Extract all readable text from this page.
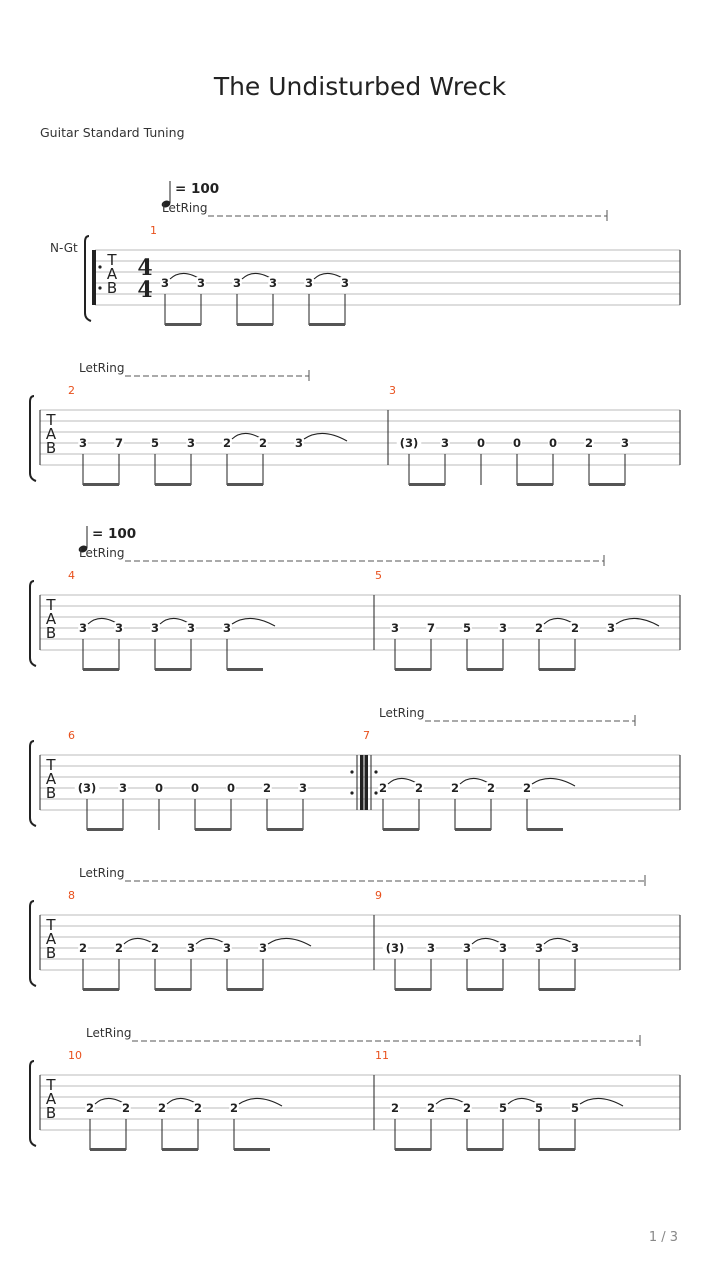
The Undisturbed Wreck
Guitar Standard Tuning
1 / 3
T
A
B
N-Gt
4
4
= 100
LetRing
1
3 3 3 3 3 3
T
A
B
LetRing
2
3 7 5 3 2 2 3
3
(3) 3 0 0 0 2 3
T
A
B
= 100
LetRing
4
3 3 3 3 3
5
3 7 5 3 2 2 3
T
A
B
LetRing
6
(3) 3 0 0 0 2 3
7
2 2 2 2 2
T
A
B
LetRing
8
2 2 2 3 3 3
9
(3) 3 3 3 3 3
T
A
B
LetRing
10
2 2 2 2 2
11
2 2 2 5 5 5
